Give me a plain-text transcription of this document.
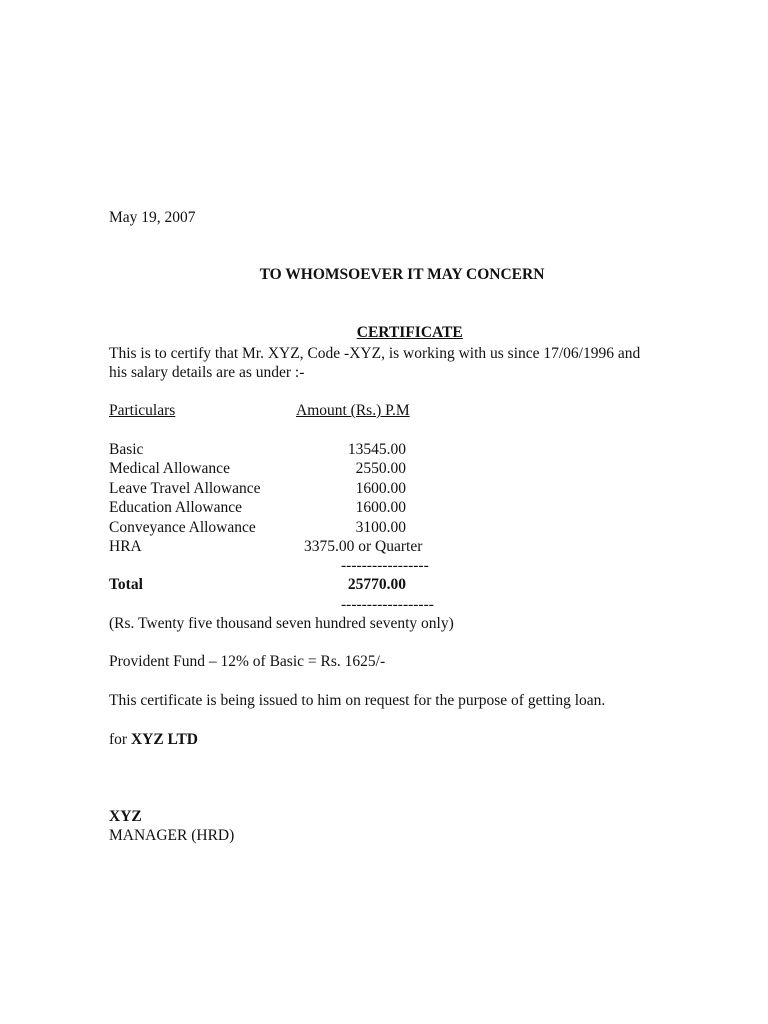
May 19, 2007
TO WHOMSOEVER IT MAY CONCERN

CERTIFICATE

This is to certify that Mr. XYZ, Code -XYZ, is working with us since 17/06/1996 and
his salary details are as under :-
Particulars	Amount (Rs.) P.M
Basic	13545.00
Medical Allowance	2550.00
Leave Travel Allowance	1600.00
Education Allowance	1600.00
Conveyance Allowance	3100.00
HRA	3375.00 or Quarter
-----------------
Total	25770.00
------------------
(Rs. Twenty five thousand seven hundred seventy only)
Provident Fund – 12% of Basic = Rs. 1625/-
This certificate is being issued to him on request for the purpose of getting loan.
for XYZ LTD
XYZ
MANAGER (HRD)
